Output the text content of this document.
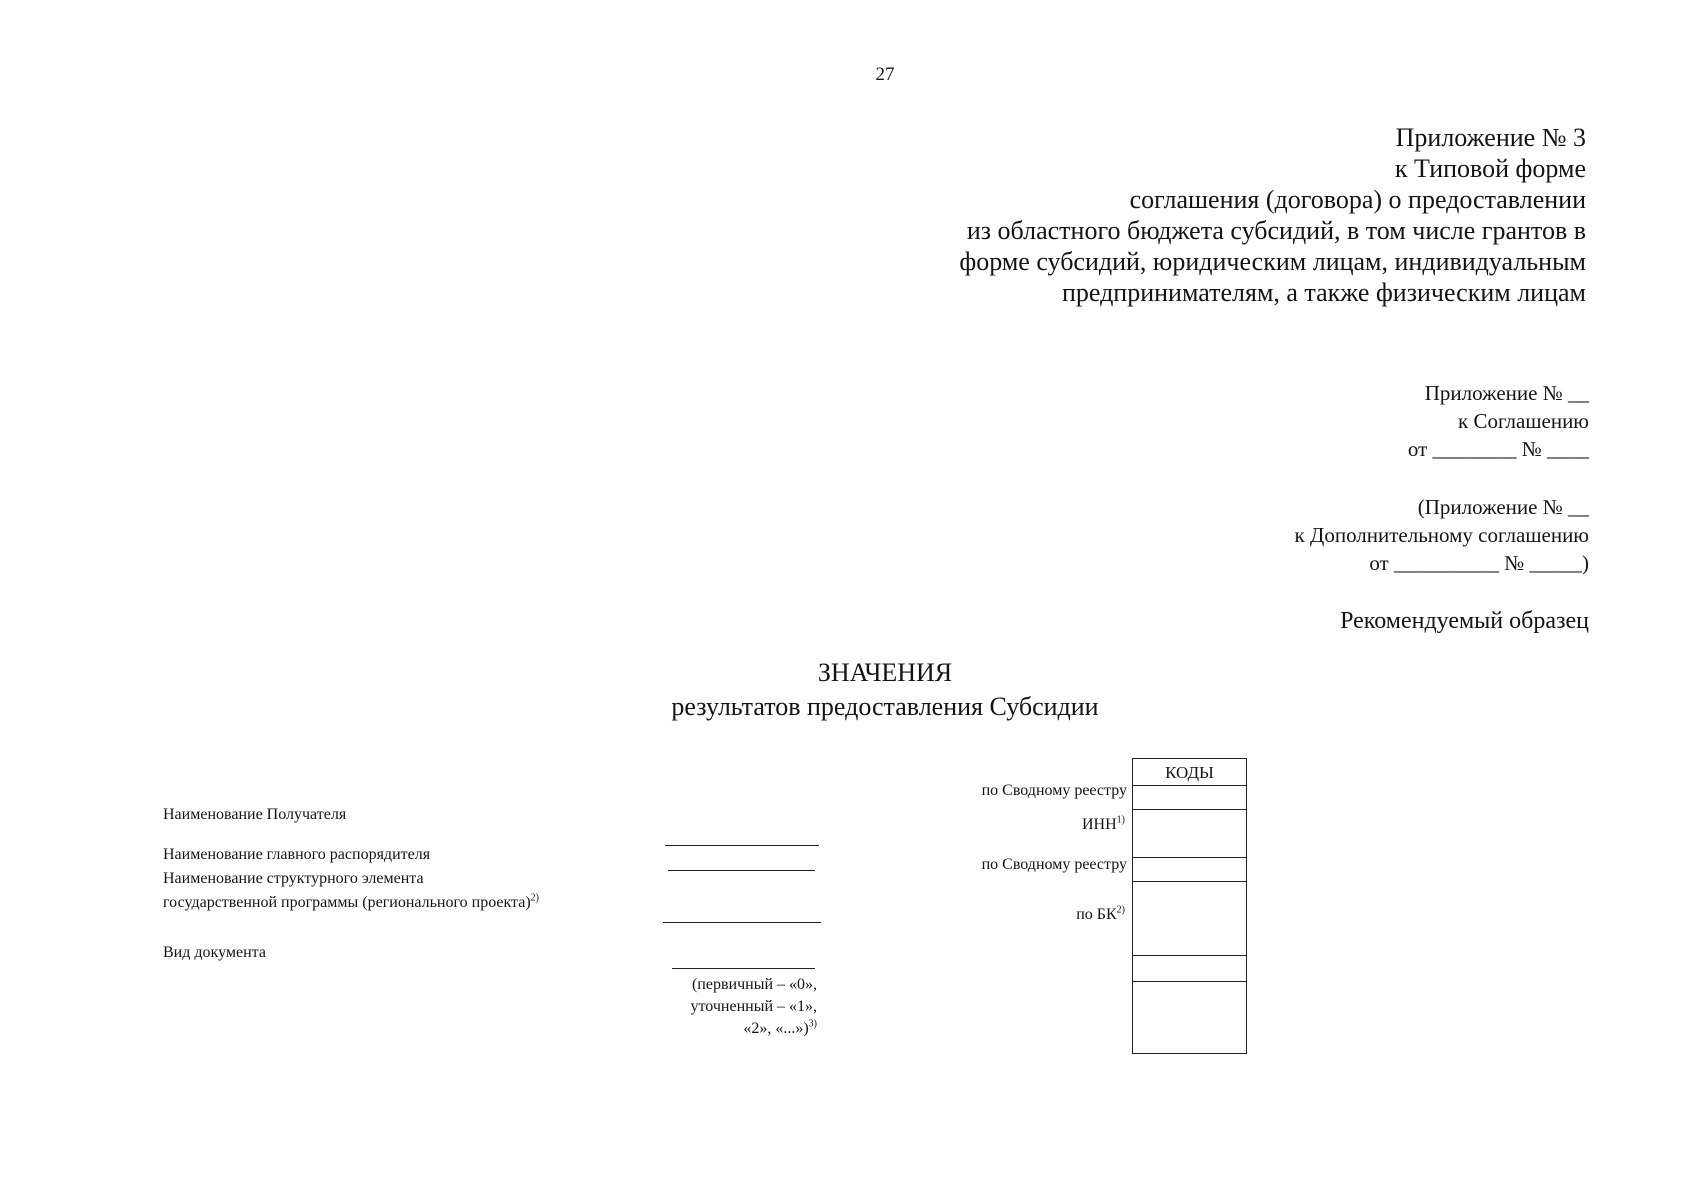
27
Приложение № 3
к Типовой форме
соглашения (договора) о предоставлении
из областного бюджета субсидий, в том числе грантов в
форме субсидий, юридическим лицам, индивидуальным
предпринимателям, а также физическим лицам
Приложение № __
к Соглашению
от ________ № ____
(Приложение № __
к Дополнительному соглашению
от __________ № _____)
Рекомендуемый образец
ЗНАЧЕНИЯ
результатов предоставления Субсидии
Наименование Получателя
Наименование главного распорядителя
Наименование структурного элемента
государственной программы (регионального проекта)$^{2)}$
Вид документа
(первичный – «0»,
уточненный – «1»,
«2», «...»)$^{3)}$
по Сводному реестру
ИНН$^{1)}$
по Сводному реестру
по БК$^{2)}$
КОДЫ
